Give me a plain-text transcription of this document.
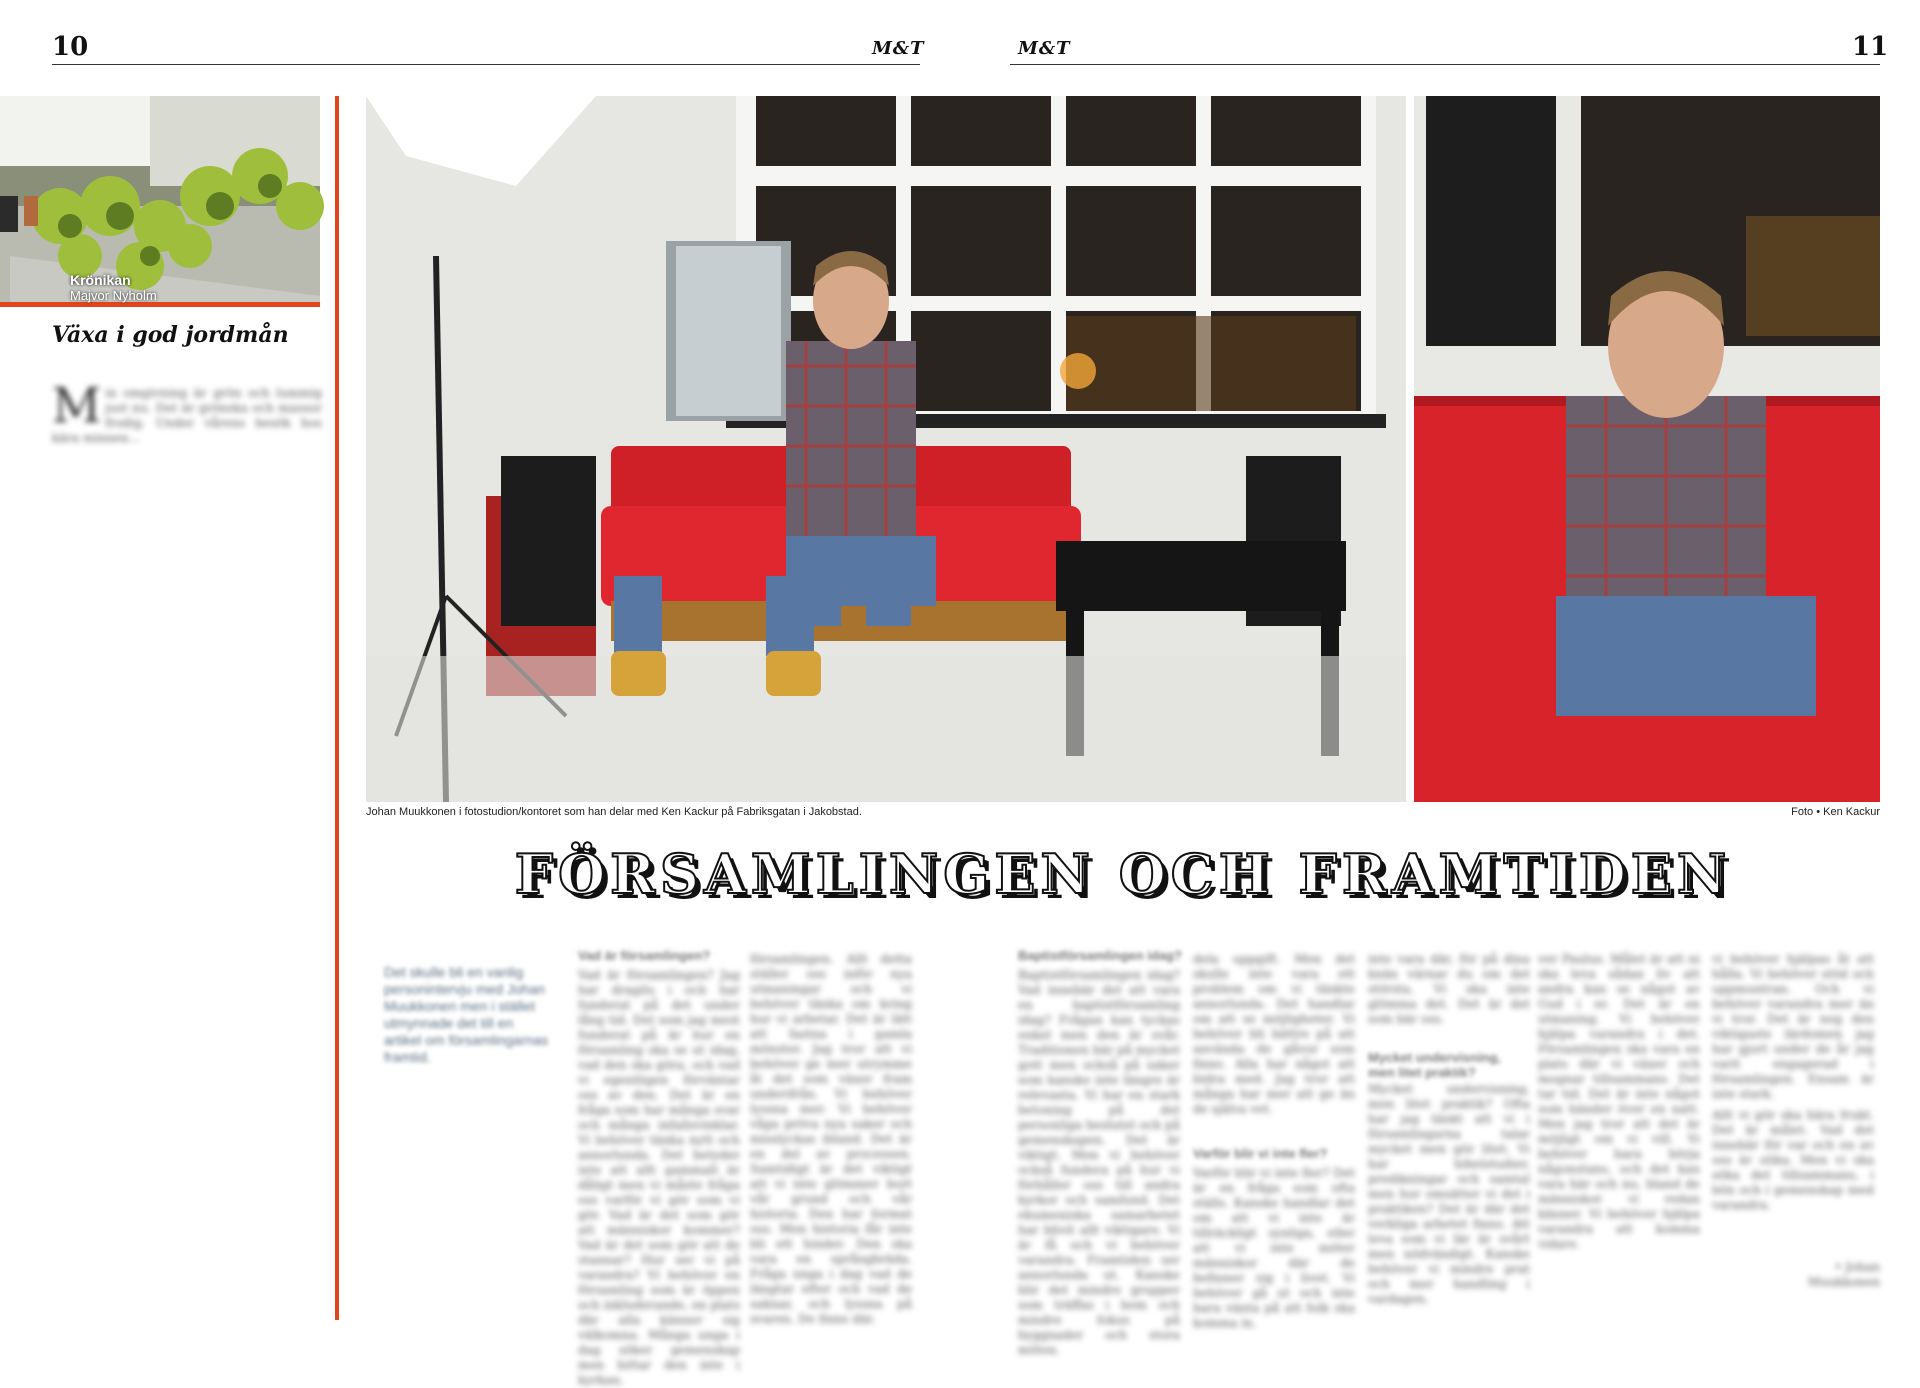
10	11
M&T	M&T
Krönikan
Majvor Nyholm
Växa i god jordmån
M in omgivning är grön och lummig just nu. Det är grönska och massor frodig. Under vårens besök hos kära minnen...
Johan Muukkonen i fotostudion/kontoret som han delar med Ken Kackur på Fabriksgatan i Jakobstad.	Foto • Ken Kackur
FÖRSAMLINGEN OCH FRAMTIDEN
Det skulle bli en vanlig personintervju med Johan Muukkonen men i stället utmynnade det till en artikel om församlingarnas framtid.
Vad är församlingen?	Baptistförsamlingen idag?
Varför blir vi inte fler?
Mycket undervisning, men litet praktik?
Vad är församlingen? Jag har dragits i och har funderat på det under lång tid. Det som jag mest funderat på är hur en församling ska se ut idag, vad den ska göra, och vad vi egentligen förväntar oss av den. Det är en fråga som har många svar och många infallsvinklar. Vi behöver tänka nytt och annorlunda. Det betyder inte att allt gammalt är dåligt men vi måste fråga oss varför vi gör som vi gör. Vad är det som gör att människor kommer? Vad är det som gör att de stannar? Hur ser vi på varandra? Vi behöver en församling som är öppen och inkluderande, en plats där alla känner sig välkomna. Många unga i dag söker gemenskap men hittar den inte i kyrkan.
församlingen. Allt detta ställer oss inför nya utmaningar och vi behöver tänka om kring hur vi arbetar. Det är lätt att fastna i gamla mönster. Jag tror att vi behöver ge mer utrymme åt det som växer fram underifrån. Vi behöver lyssna mer. Vi behöver våga pröva nya saker och misslyckas ibland. Det är en del av processen. Samtidigt är det viktigt att vi inte glömmer bort vår grund och vår historia. Den har format oss. Men historia får inte bli ett hinder. Den ska vara en språngbräda. Fråga unga i dag vad de längtar efter och vad de saknar, och lyssna på svaren. De finns där.
Baptistförsamlingen idag? Vad innebär det att vara en baptistförsamling idag? Frågan kan tyckas enkel men den är svår. Traditionen bär på mycket gott men också på saker som kanske inte längre är relevanta. Vi har en stark betoning på det personliga beslutet och på gemenskapen. Det är viktigt. Men vi behöver också fundera på hur vi förhåller oss till andra kyrkor och samfund. Det ekumeniska samarbetet har blivit allt viktigare. Vi är få och vi behöver varandra. Framtiden ser annorlunda ut. Kanske blir det mindre grupper som träffas i hem och mindre fokus på byggnader och stora möten.
dela uppgift. Men det skulle inte vara ett problem om vi tänkte annorlunda. Det handlar om att se möjligheter. Vi behöver bli bättre på att använda de gåvor som finns. Alla har något att bidra med. Jag tror att många har mer att ge än de själva vet.
Varför blir vi inte fler? Det är en fråga som ofta ställs. Kanske handlar det om att vi inte är tillräckligt synliga, eller att vi inte möter människor där de befinner sig i livet. Vi behöver gå ut och inte bara vänta på att folk ska komma in.
inte vara där, för på dina knän värnar du om det största. Vi ska inte glömma det. Det är det som bär oss.
Mycket undervisning, men litet praktik? Ofta har jag tänkt att vi i församlingarna talar mycket men gör litet. Vi har bibelstudier, predikningar och samtal men hur omsätter vi det i praktiken? Det är där det verkliga arbetet finns. Att leva som vi lär är svårt men nödvändigt. Kanske behöver vi mindre prat och mer handling i vardagen.
ver Paulus. Målet är att ni ska leva sådan liv att andra kan se något av Gud i er. Det är en utmaning. Vi behöver hjälpa varandra i det. Församlingen ska vara en plats där vi växer och mognar tillsammans. Det tar tid. Det är inte något som händer över en natt. Men jag tror att det är möjligt om vi vill. Vi behöver bara börja någonstans, och det kan vara här och nu, bland de människor vi redan känner. Vi behöver hjälpa varandra att komma vidare.
vi behöver hjälpas åt att hålla. Vi behöver stöd och uppmuntran. Och vi behöver varandra mer än vi tror. Det är nog den viktigaste lärdomen jag har gjort under de år jag varit engagerad i församlingen. Ensam är inte stark.
Allt vi gör ska bära frukt. Det är målet. Vad det innebär för var och en av oss är olika. Men vi ska söka det tillsammans, i bön och i gemenskap med varandra.
• Johan Muukkonen
